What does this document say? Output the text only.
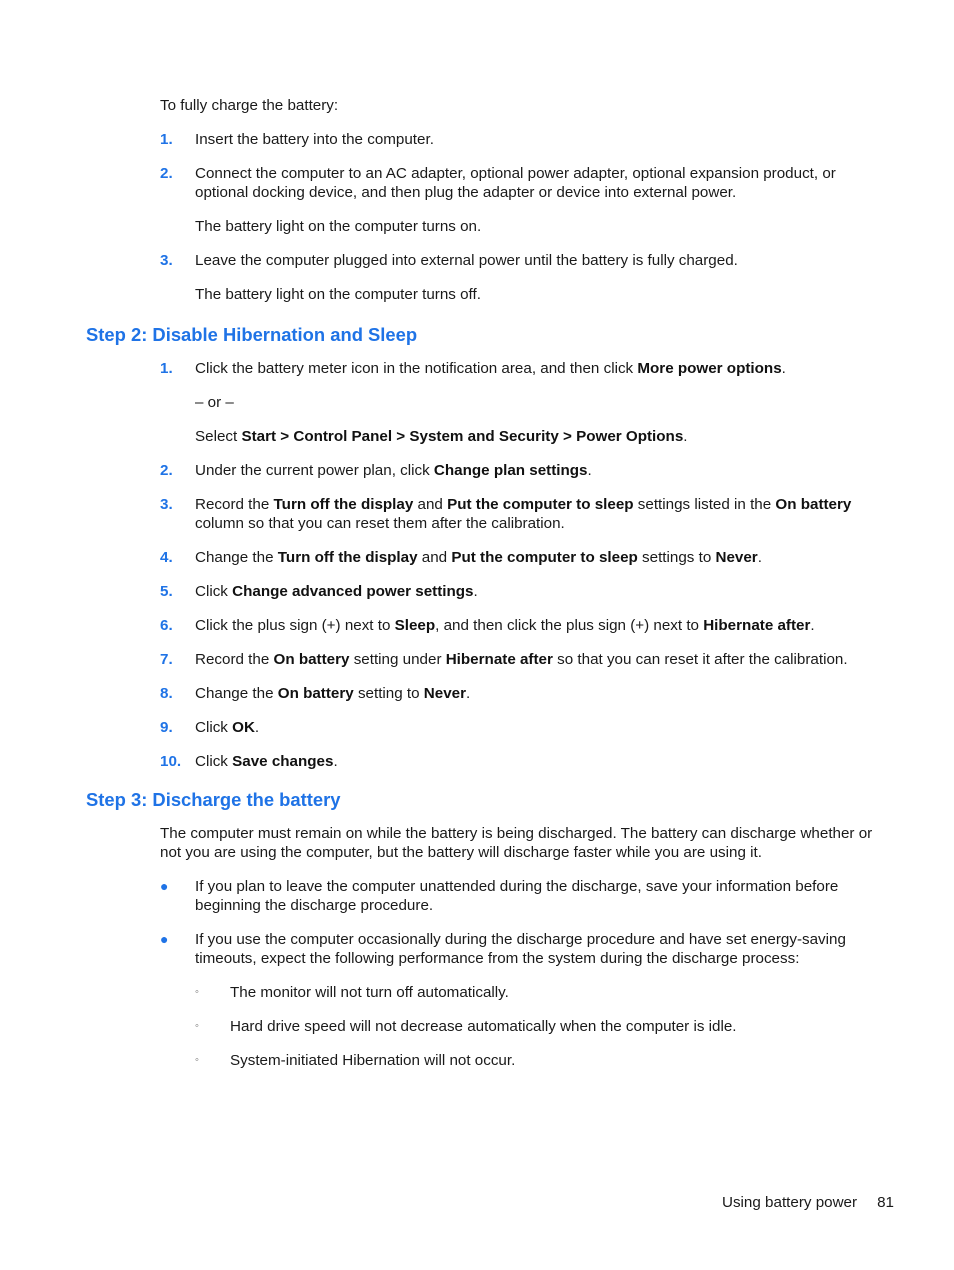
To fully charge the battery:

1. Insert the battery into the computer.

2. Connect the computer to an AC adapter, optional power adapter, optional expansion product, or optional docking device, and then plug the adapter or device into external power.

The battery light on the computer turns on.

3. Leave the computer plugged into external power until the battery is fully charged.

The battery light on the computer turns off.

Step 2: Disable Hibernation and Sleep
1. Click the battery meter icon in the notification area, and then click More power options.

– or –

Select Start > Control Panel > System and Security > Power Options.

2. Under the current power plan, click Change plan settings.

3. Record the Turn off the display and Put the computer to sleep settings listed in the On battery column so that you can reset them after the calibration.

4. Change the Turn off the display and Put the computer to sleep settings to Never.

5. Click Change advanced power settings.

6. Click the plus sign (+) next to Sleep, and then click the plus sign (+) next to Hibernate after.

7. Record the On battery setting under Hibernate after so that you can reset it after the calibration.

8. Change the On battery setting to Never.

9. Click OK.

10. Click Save changes.

Step 3: Discharge the battery

The computer must remain on while the battery is being discharged. The battery can discharge whether or not you are using the computer, but the battery will discharge faster while you are using it.

● If you plan to leave the computer unattended during the discharge, save your information before beginning the discharge procedure.

● If you use the computer occasionally during the discharge procedure and have set energy-saving timeouts, expect the following performance from the system during the discharge process:

◦ The monitor will not turn off automatically.

◦ Hard drive speed will not decrease automatically when the computer is idle.

◦ System-initiated Hibernation will not occur.

Using battery power 81
